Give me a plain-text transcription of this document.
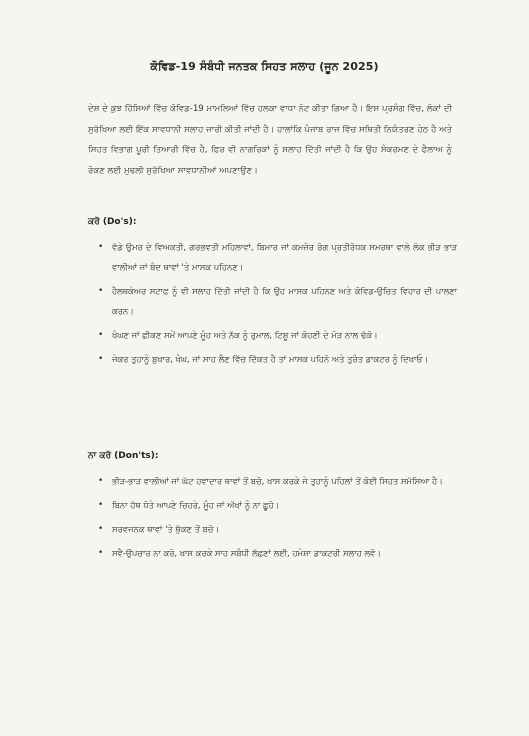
ਕੋਵਿਡ-19 ਸੰਬੰਧੀ ਜਨਤਕ ਸਿਹਤ ਸਲਾਹ (ਜੂਨ 2025)
ਦੇਸ਼ ਦੇ ਕੁਝ ਹਿੱਸਿਆਂ ਵਿੱਚ ਕੋਵਿਡ-19 ਮਾਮਲਿਆਂ ਵਿੱਚ ਹਲਕਾ ਵਾਧਾ ਨੋਟ ਕੀਤਾ ਗਿਆ ਹੈ। ਇਸ ਪ੍ਰਸੰਗ ਵਿੱਚ, ਲੋਕਾਂ ਦੀ ਸੁਰੱਖਿਆ ਲਈ ਇੱਕ ਸਾਵਧਾਨੀ ਸਲਾਹ ਜਾਰੀ ਕੀਤੀ ਜਾਂਦੀ ਹੈ। ਹਾਲਾਂਕਿ ਪੰਜਾਬ ਰਾਜ ਵਿੱਚ ਸਥਿਤੀ ਨਿਯੰਤਰਣ ਹੇਠ ਹੈ ਅਤੇ ਸਿਹਤ ਵਿਭਾਗ ਪੂਰੀ ਤਿਆਰੀ ਵਿੱਚ ਹੈ, ਫਿਰ ਵੀ ਨਾਗਰਿਕਾਂ ਨੂੰ ਸਲਾਹ ਦਿੱਤੀ ਜਾਂਦੀ ਹੈ ਕਿ ਉਹ ਸੰਕਰਮਣ ਦੇ ਫੈਲਾਅ ਨੂੰ ਰੋਕਣ ਲਈ ਮੁਢਲੀ ਸੁਰੱਖਿਆ ਸਾਵਧਾਨੀਆਂ ਅਪਣਾਉਣ।
ਕਰੋ (Do's):
• ਵੱਡੇ ਉਮਰ ਦੇ ਵਿਅਕਤੀ, ਗਰਭਵਤੀ ਮਹਿਲਾਵਾਂ, ਬਿਮਾਰ ਜਾਂ ਕਮਜ਼ੋਰ ਰੋਗ ਪ੍ਰਤੀਰੋਧਕ ਸਮਰਥਾ ਵਾਲੇ ਲੋਕ ਭੀੜ ਭਾੜ ਵਾਲੀਆਂ ਜਾਂ ਬੰਦ ਥਾਵਾਂ 'ਤੇ ਮਾਸਕ ਪਹਿਨਣ।
• ਹੈਲਥਕੇਅਰ ਸਟਾਫ ਨੂੰ ਵੀ ਸਲਾਹ ਦਿੱਤੀ ਜਾਂਦੀ ਹੈ ਕਿ ਉਹ ਮਾਸਕ ਪਹਿਨਣ ਅਤੇ ਕੋਵਿਡ-ਉਚਿਤ ਵਿਹਾਰ ਦੀ ਪਾਲਣਾ ਕਰਨ।
• ਖੰਘਣ ਜਾਂ ਛੀਕਣ ਸਮੇਂ ਆਪਣੇ ਮੂੰਹ ਅਤੇ ਨੱਕ ਨੂੰ ਰੁਮਾਲ, ਟਿਸ਼ੂ ਜਾਂ ਕੋਹਣੀ ਦੇ ਮੋੜ ਨਾਲ ਢੱਕੋ।
• ਜੇਕਰ ਤੁਹਾਨੂੰ ਬੁਖਾਰ, ਖੰਘ, ਜਾਂ ਸਾਹ ਲੈਣ ਵਿੱਚ ਦਿੱਕਤ ਹੈ ਤਾਂ ਮਾਸਕ ਪਹਿਨੋ ਅਤੇ ਤੁਰੰਤ ਡਾਕਟਰ ਨੂੰ ਦਿਖਾਓ।
ਨਾ ਕਰੋ (Don'ts):
• ਭੀੜ-ਭਾੜ ਵਾਲੀਆਂ ਜਾਂ ਘੱਟ ਹਵਾਦਾਰ ਥਾਵਾਂ ਤੋਂ ਬਚੋ, ਖਾਸ ਕਰਕੇ ਜੇ ਤੁਹਾਨੂੰ ਪਹਿਲਾਂ ਤੋਂ ਕੋਈ ਸਿਹਤ ਸਮੱਸਿਆ ਹੈ।
• ਬਿਨਾ ਹੱਥ ਧੋਤੇ ਆਪਣੇ ਚਿਹਰੇ, ਮੂੰਹ ਜਾਂ ਅੱਖਾਂ ਨੂੰ ਨਾ ਛੂਹੋ।
• ਸਰਵਜਨਕ ਥਾਵਾਂ 'ਤੇ ਥੁੱਕਣ ਤੋਂ ਬਚੋ।
• ਸਵੈ-ਉਪਚਾਰ ਨਾ ਕਰੋ, ਖਾਸ ਕਰਕੇ ਸਾਹ ਸਬੰਧੀ ਲੱਛਣਾਂ ਲਈ, ਹਮੇਸ਼ਾ ਡਾਕਟਰੀ ਸਲਾਹ ਲਵੋ।
